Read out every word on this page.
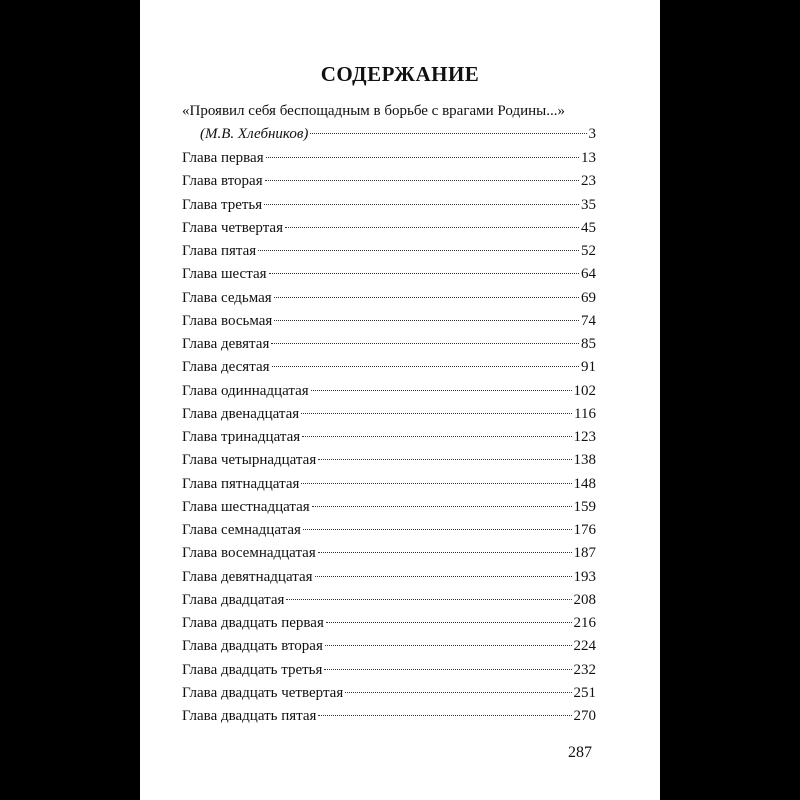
СОДЕРЖАНИЕ
«Проявил себя беспощадным в борьбе с врагами Родины...»
(М.В. Хлебников)	3
Глава первая	13
Глава вторая	23
Глава третья	35
Глава четвертая	45
Глава пятая	52
Глава шестая	64
Глава седьмая	69
Глава восьмая	74
Глава девятая	85
Глава десятая	91
Глава одиннадцатая	102
Глава двенадцатая	116
Глава тринадцатая	123
Глава четырнадцатая	138
Глава пятнадцатая	148
Глава шестнадцатая	159
Глава семнадцатая	176
Глава восемнадцатая	187
Глава девятнадцатая	193
Глава двадцатая	208
Глава двадцать первая	216
Глава двадцать вторая	224
Глава двадцать третья	232
Глава двадцать четвертая	251
Глава двадцать пятая	270
287
